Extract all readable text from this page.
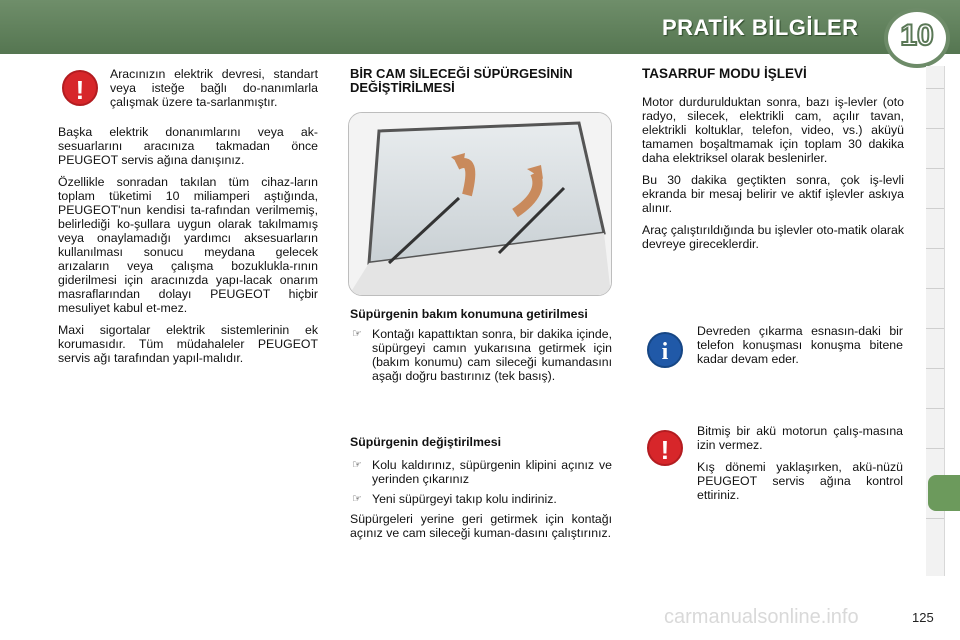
PRATİK BİLGİLER	10
!

Aracınızın elektrik devresi, standart veya isteğe bağlı do-nanımlarla çalışmak üzere ta-sarlanmıştır.

Başka elektrik donanımlarını veya ak-sesuarlarını aracınıza takmadan önce PEUGEOT servis ağına danışınız.

Özellikle sonradan takılan tüm cihaz-ların toplam tüketimi 10 miliamperi aştığında, PEUGEOT'nun kendisi ta-rafından verilmemiş, belirlediği ko-şullara uygun olarak takılmamış veya onaylamadığı yardımcı aksesuarların kullanılması sonucu meydana gelecek arızaların veya çalışma bozuklukla-rının giderilmesi için aracınızda yapı-lacak onarım masraflarından dolayı PEUGEOT hiçbir mesuliyet kabul et-mez.

Maxi sigortalar elektrik sistemlerinin ek korumasıdır. Tüm müdahaleler PEUGEOT servis ağı tarafından yapıl-malıdır.

BİR CAM SİLECEĞİ SÜPÜRGESİNİN
DEĞİŞTİRİLMESİ
Süpürgenin bakım konumuna getirilmesi
☞ Kontağı kapattıktan sonra, bir dakika içinde, süpürgeyi camın yukarısına getirmek için (bakım konumu) cam sileceği kumandasını aşağı doğru bastırınız (tek basış).
Süpürgenin değiştirilmesi
☞ Kolu kaldırınız, süpürgenin klipini açınız ve yerinden çıkarınız
☞ Yeni süpürgeyi takıp kolu indiriniz.

Süpürgeleri yerine geri getirmek için kontağı açınız ve cam sileceği kuman-dasını çalıştırınız.

TASARRUF MODU İŞLEVİ

Motor durdurulduktan sonra, bazı iş-levler (oto radyo, silecek, elektrikli cam, açılır tavan, elektrikli koltuklar, telefon, video, vs.) aküyü tamamen boşaltmamak için toplam 30 dakika daha elektriksel olarak beslenirler.

Bu 30 dakika geçtikten sonra, çok iş-levli ekranda bir mesaj belirir ve aktif işlevler askıya alınır.

Araç çalıştırıldığında bu işlevler oto-matik olarak devreye gireceklerdir.

i

Devreden çıkarma esnasın-daki bir telefon konuşması konuşma bitene kadar devam eder.

!

Bitmiş bir akü motorun çalış-masına izin vermez.

Kış dönemi yaklaşırken, akü-nüzü PEUGEOT servis ağına kontrol ettiriniz.

carmanualsonline.info	125
